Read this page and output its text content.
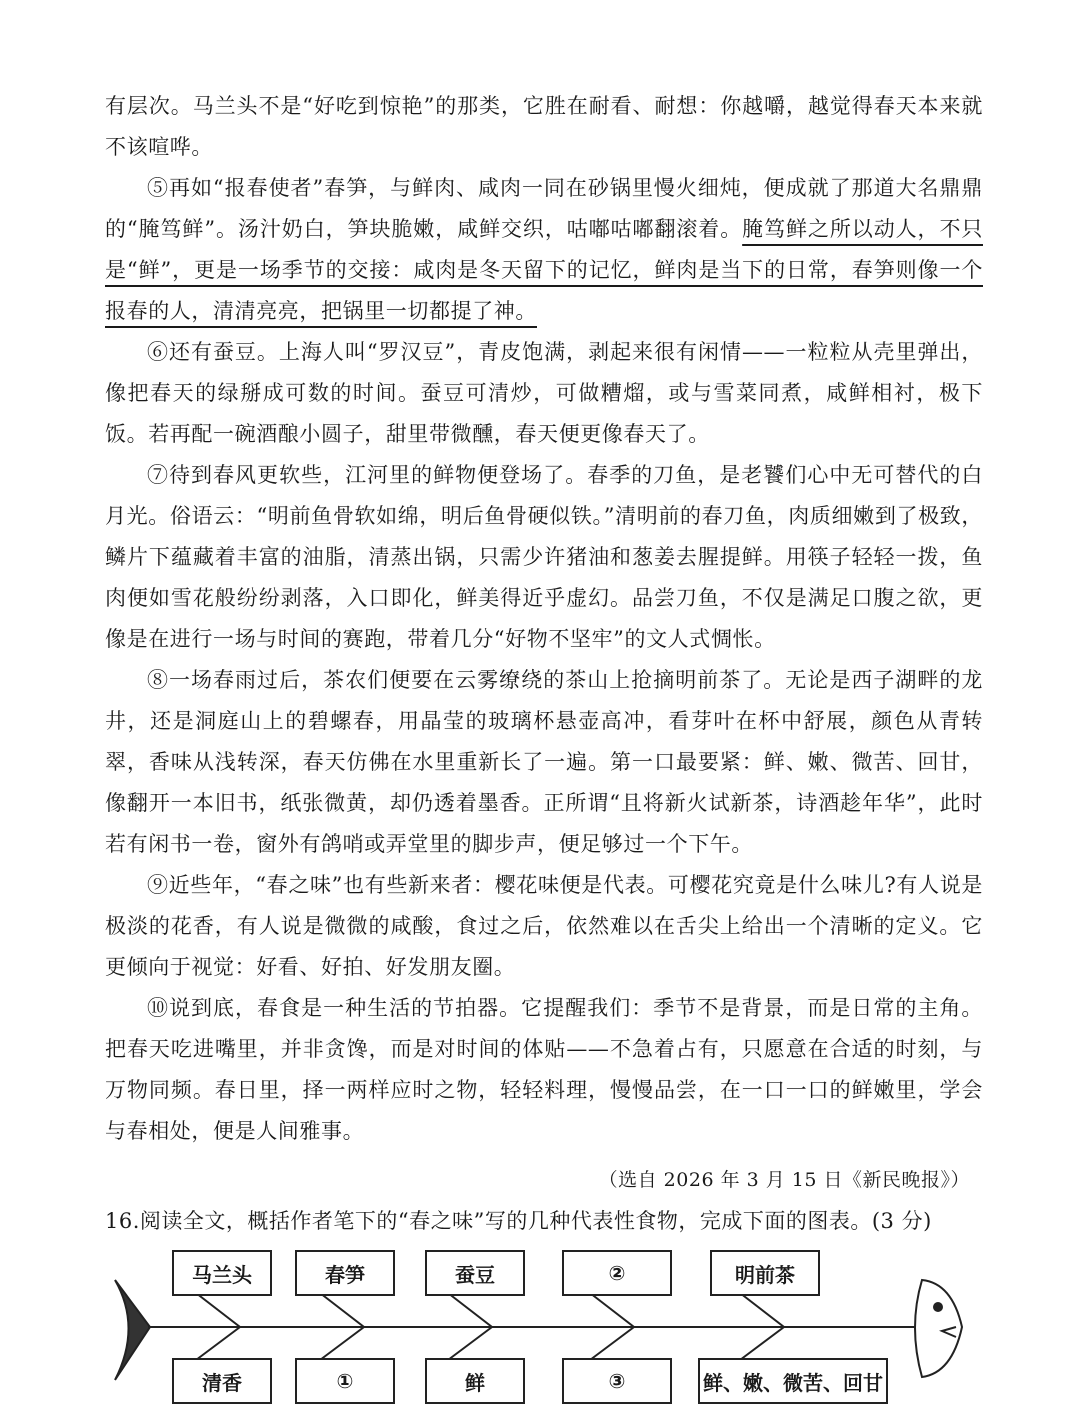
有层次。马兰头不是“好吃到惊艳”的那类，它胜在耐看、耐想：你越嚼，越觉得春天本来就不该喧哗。

⑤再如“报春使者”春笋，与鲜肉、咸肉一同在砂锅里慢火细炖，便成就了那道大名鼎鼎的“腌笃鲜”。汤汁奶白，笋块脆嫩，咸鲜交织，咕嘟咕嘟翻滚着。腌笃鲜之所以动人，不只是“鲜”，更是一场季节的交接：咸肉是冬天留下的记忆，鲜肉是当下的日常，春笋则像一个报春的人，清清亮亮，把锅里一切都提了神。

⑥还有蚕豆。上海人叫“罗汉豆”，青皮饱满，剥起来很有闲情——一粒粒从壳里弹出，像把春天的绿掰成可数的时间。蚕豆可清炒，可做糟熘，或与雪菜同煮，咸鲜相衬，极下饭。若再配一碗酒酿小圆子，甜里带微醺，春天便更像春天了。

⑦待到春风更软些，江河里的鲜物便登场了。春季的刀鱼，是老饕们心中无可替代的白月光。俗语云：“明前鱼骨软如绵，明后鱼骨硬似铁。”清明前的春刀鱼，肉质细嫩到了极致，鳞片下蕴藏着丰富的油脂，清蒸出锅，只需少许猪油和葱姜去腥提鲜。用筷子轻轻一拨，鱼肉便如雪花般纷纷剥落，入口即化，鲜美得近乎虚幻。品尝刀鱼，不仅是满足口腹之欲，更像是在进行一场与时间的赛跑，带着几分“好物不坚牢”的文人式惆怅。

⑧一场春雨过后，茶农们便要在云雾缭绕的茶山上抢摘明前茶了。无论是西子湖畔的龙井，还是洞庭山上的碧螺春，用晶莹的玻璃杯悬壶高冲，看芽叶在杯中舒展，颜色从青转翠，香味从浅转深，春天仿佛在水里重新长了一遍。第一口最要紧：鲜、嫩、微苦、回甘，像翻开一本旧书，纸张微黄，却仍透着墨香。正所谓“且将新火试新茶，诗酒趁年华”，此时若有闲书一卷，窗外有鸽哨或弄堂里的脚步声，便足够过一个下午。

⑨近些年，“春之味”也有些新来者：樱花味便是代表。可樱花究竟是什么味儿?有人说是极淡的花香，有人说是微微的咸酸，食过之后，依然难以在舌尖上给出一个清晰的定义。它更倾向于视觉：好看、好拍、好发朋友圈。

⑩说到底，春食是一种生活的节拍器。它提醒我们：季节不是背景，而是日常的主角。把春天吃进嘴里，并非贪馋，而是对时间的体贴——不急着占有，只愿意在合适的时刻，与万物同频。春日里，择一两样应时之物，轻轻料理，慢慢品尝，在一口一口的鲜嫩里，学会与春相处，便是人间雅事。

（选自 2026 年 3 月 15 日《新民晚报》）
16.阅读全文，概括作者笔下的“春之味”写的几种代表性食物，完成下面的图表。(3 分)
马兰头	春笋	蚕豆	②	明前茶
清香	①	鲜	③	鲜、嫩、微苦、回甘
